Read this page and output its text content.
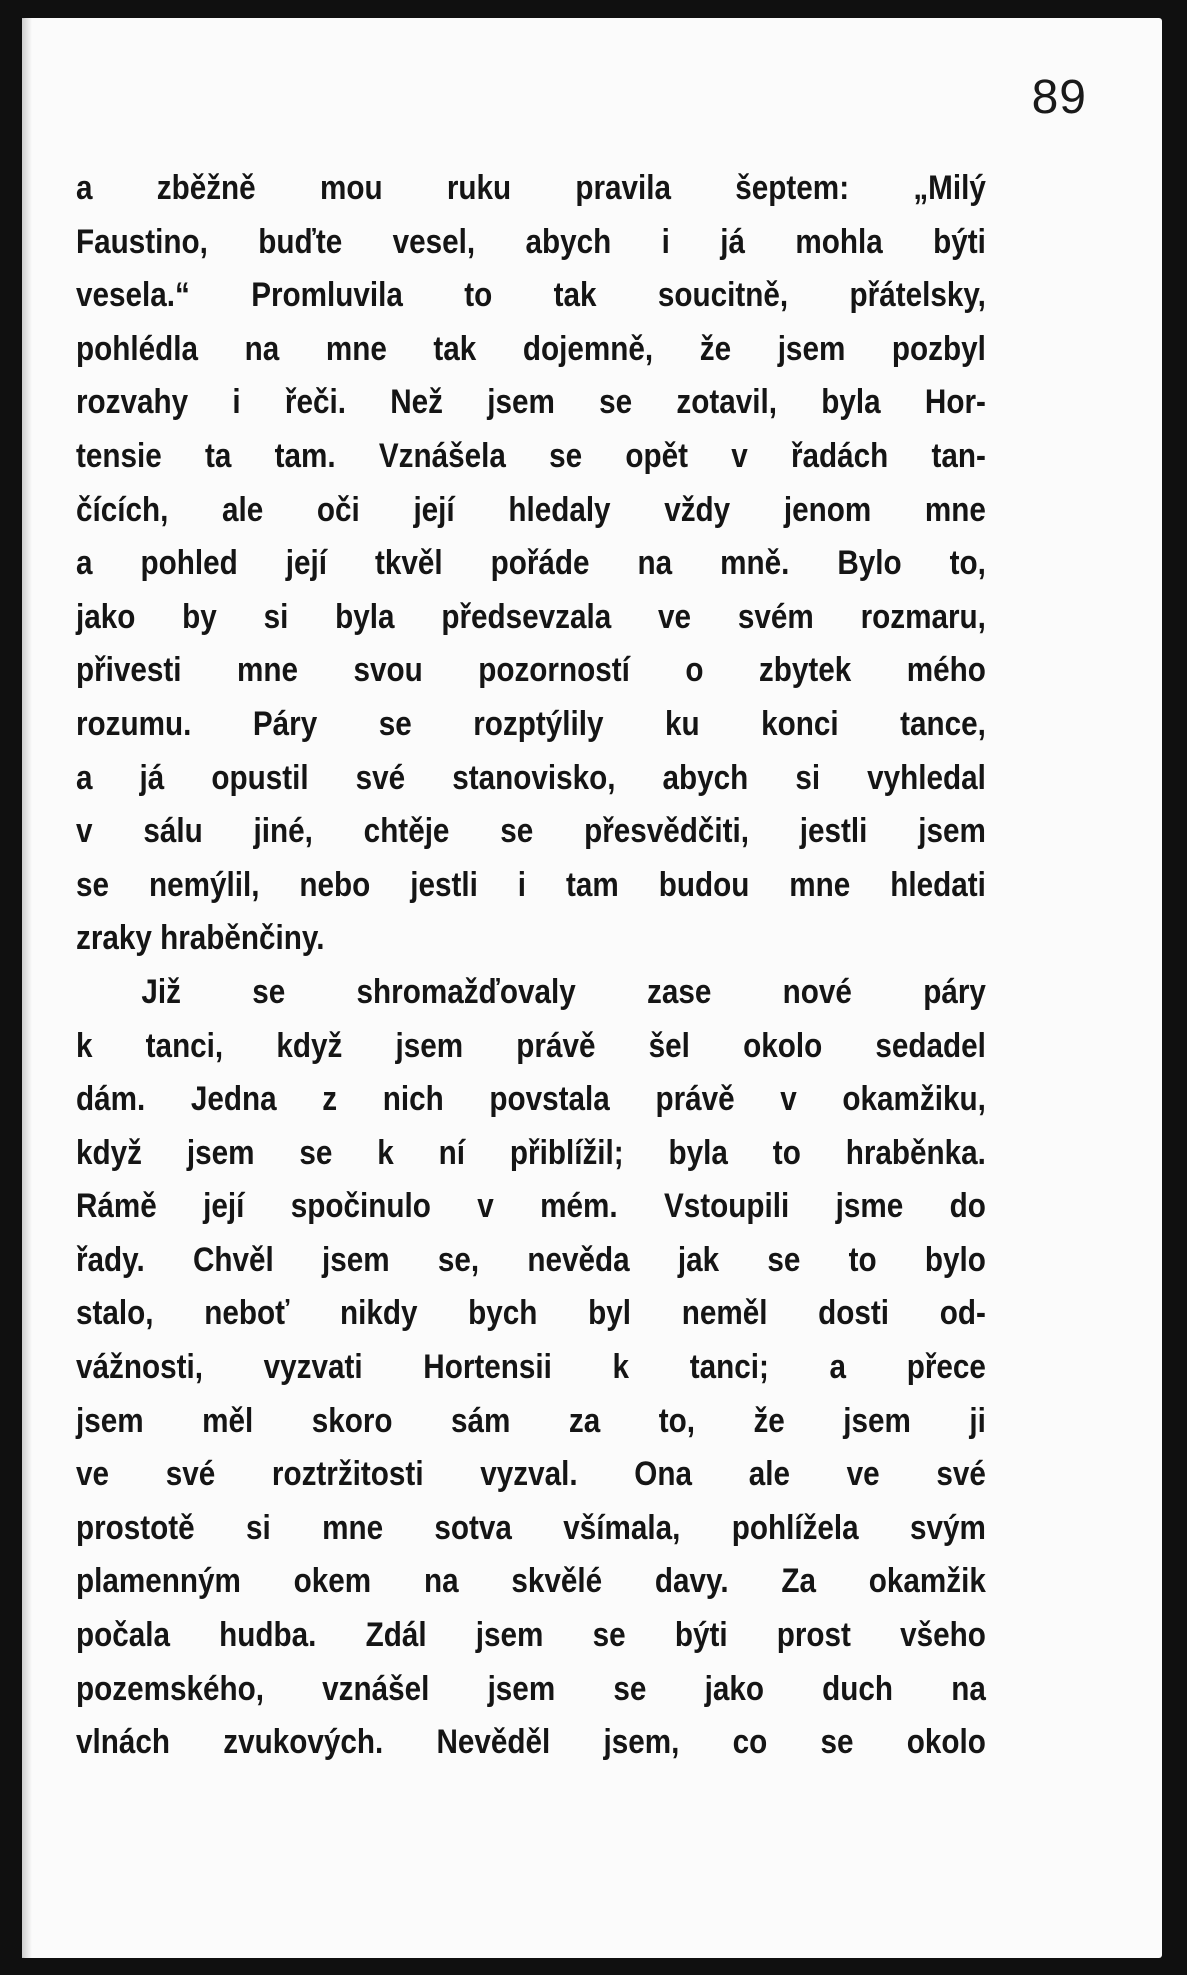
89
a zběžně mou ruku pravila šeptem: „Milý
Faustino, buďte vesel, abych i já mohla býti
vesela.“ Promluvila to tak soucitně, přátelsky,
pohlédla na mne tak dojemně, že jsem pozbyl
rozvahy i řeči. Než jsem se zotavil, byla Hor-
tensie ta tam. Vznášela se opět v řadách tan-
čících, ale oči její hledaly vždy jenom mne
a pohled její tkvěl pořáde na mně. Bylo to,
jako by si byla předsevzala ve svém rozmaru,
přivesti mne svou pozorností o zbytek mého
rozumu. Páry se rozptýlily ku konci tance,
a já opustil své stanovisko, abych si vyhledal
v sálu jiné, chtěje se přesvědčiti, jestli jsem
se nemýlil, nebo jestli i tam budou mne hledati
zraky hraběnčiny.
Již se shromažďovaly zase nové páry
k tanci, když jsem právě šel okolo sedadel
dám. Jedna z nich povstala právě v okamžiku,
když jsem se k ní přiblížil; byla to hraběnka.
Rámě její spočinulo v mém. Vstoupili jsme do
řady. Chvěl jsem se, nevěda jak se to bylo
stalo, neboť nikdy bych byl neměl dosti od-
vážnosti, vyzvati Hortensii k tanci; a přece
jsem měl skoro sám za to, že jsem ji
ve své roztržitosti vyzval. Ona ale ve své
prostotě si mne sotva všímala, pohlížela svým
plamenným okem na skvělé davy. Za okamžik
počala hudba. Zdál jsem se býti prost všeho
pozemského, vznášel jsem se jako duch na
vlnách zvukových. Nevěděl jsem, co se okolo
